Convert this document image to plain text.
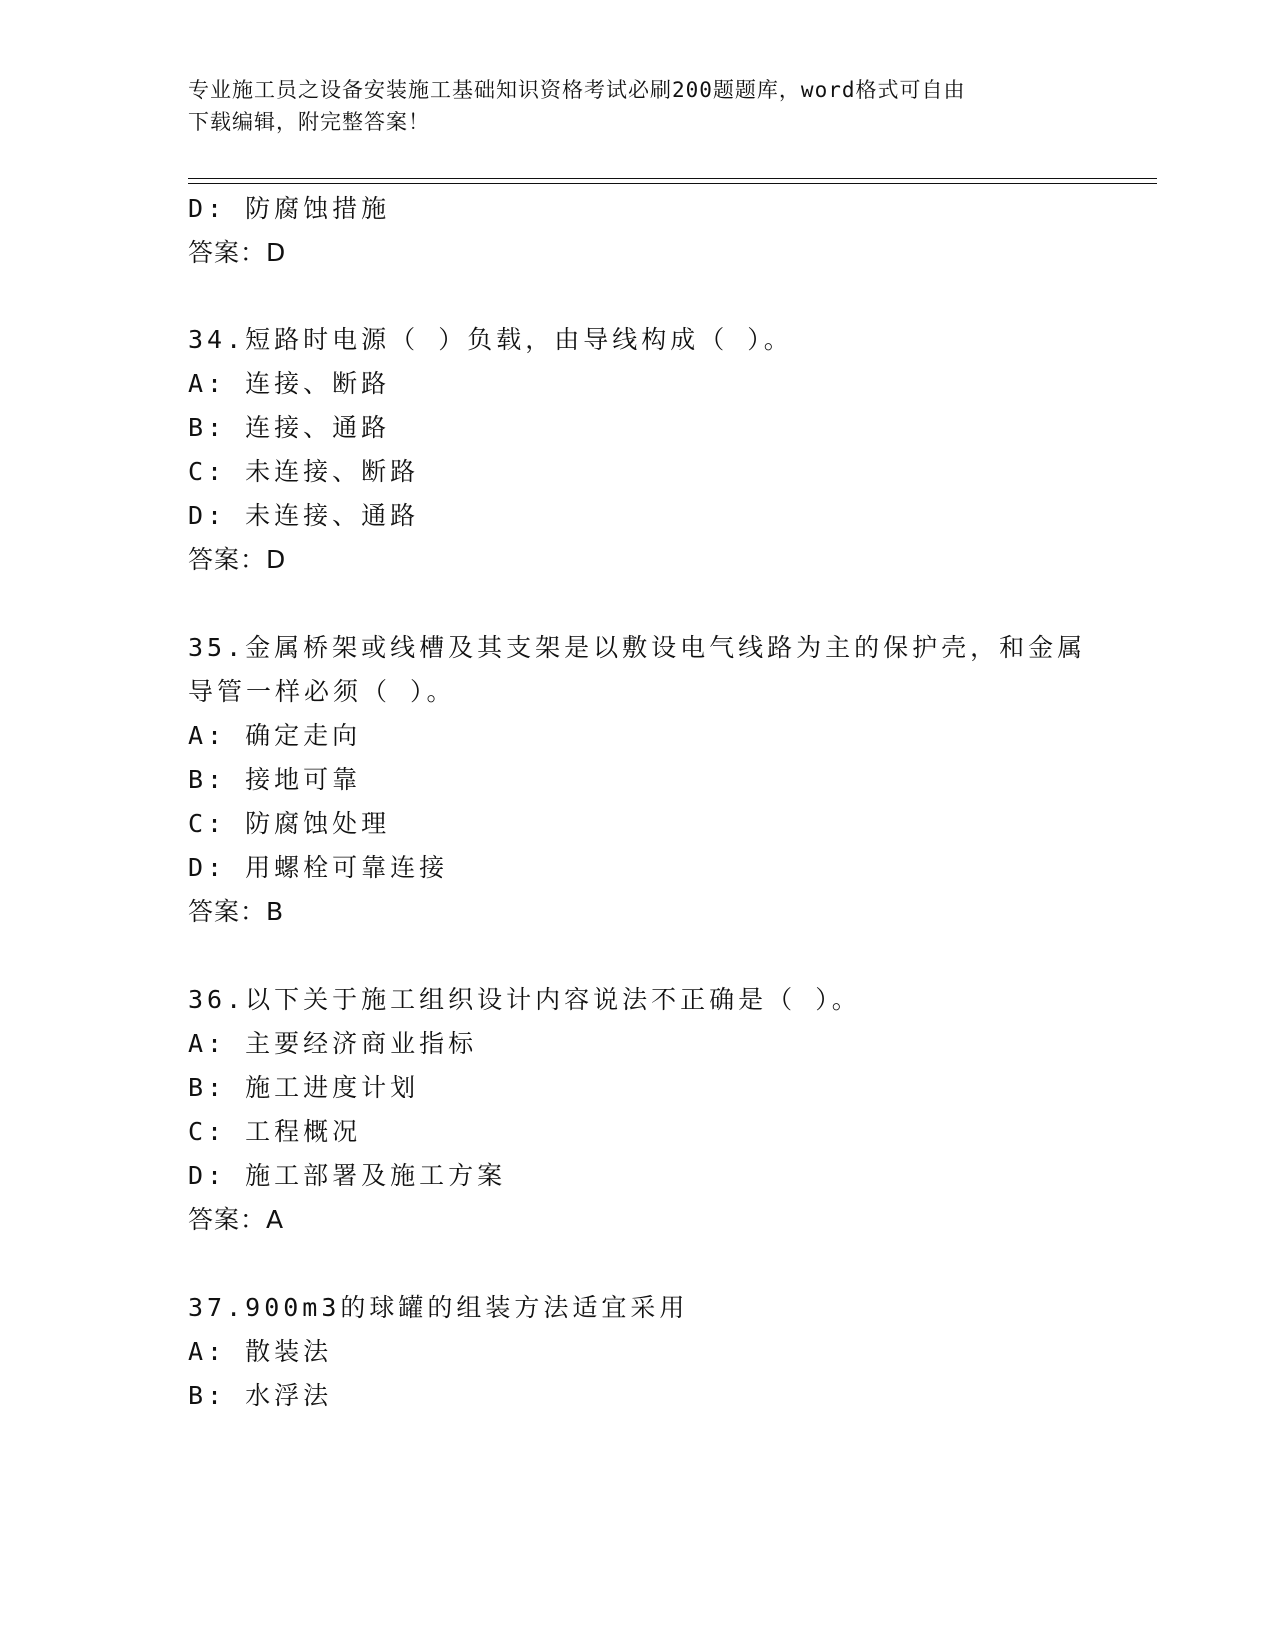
专业施工员之设备安装施工基础知识资格考试必刷200题题库，word格式可自由
下载编辑，附完整答案！
D: 防腐蚀措施
答案：D
34.短路时电源（ ）负载，由导线构成（ ）。
A: 连接、断路
B: 连接、通路
C: 未连接、断路
D: 未连接、通路
答案：D
35.金属桥架或线槽及其支架是以敷设电气线路为主的保护壳，和金属
导管一样必须（ ）。
A: 确定走向
B: 接地可靠
C: 防腐蚀处理
D: 用螺栓可靠连接
答案：B
36.以下关于施工组织设计内容说法不正确是（ ）。
A: 主要经济商业指标
B: 施工进度计划
C: 工程概况
D: 施工部署及施工方案
答案：A
37.900m3的球罐的组装方法适宜采用
A: 散装法
B: 水浮法
